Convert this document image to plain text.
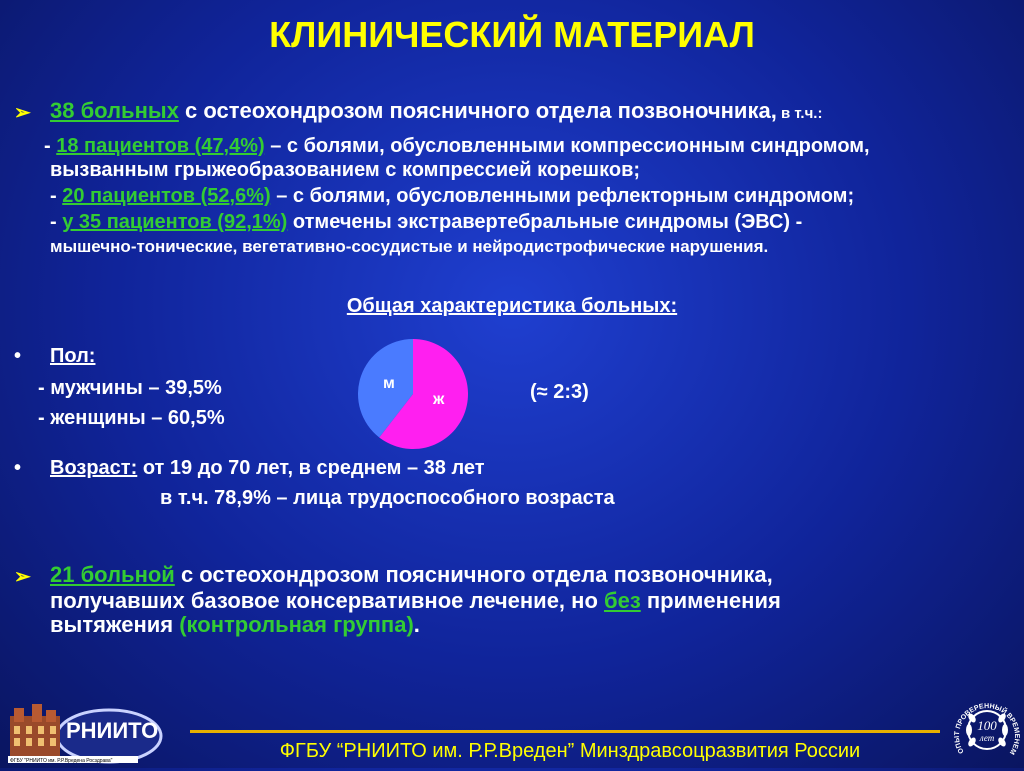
КЛИНИЧЕСКИЙ МАТЕРИАЛ
➢ 38 больных с остеохондрозом поясничного отдела позвоночника, в т.ч.:
- 18 пациентов (47,4%) – с болями, обусловленными компрессионным синдромом,
вызванным грыжеобразованием с компрессией корешков;
- 20 пациентов (52,6%) – с болями, обусловленными рефлекторным синдромом;
- у 35 пациентов (92,1%) отмечены экстравертебральные синдромы (ЭВС) -
мышечно-тонические, вегетативно-сосудистые и нейродистрофические нарушения.
Общая характеристика больных:
• Пол:
- мужчины – 39,5%
- женщины – 60,5%
м
ж	(≈ 2:3)
• Возраст: от 19 до 70 лет, в среднем – 38 лет
в т.ч. 78,9% – лица трудоспособного возраста
➢ 21 больной с остеохондрозом поясничного отдела позвоночника,
получавших базовое консервативное лечение, но без применения
вытяжения (контрольная группа).
ФГБУ "РНИИТО им. Р.Р.Вредена Росздрава"
РНИИТО
ФГБУ “РНИИТО им. Р.Р.Вреден” Минздравсоцразвития России	ОПЫТ ПРОВЕРЕННЫЙ ВРЕМЕНЕМ
100
лет
